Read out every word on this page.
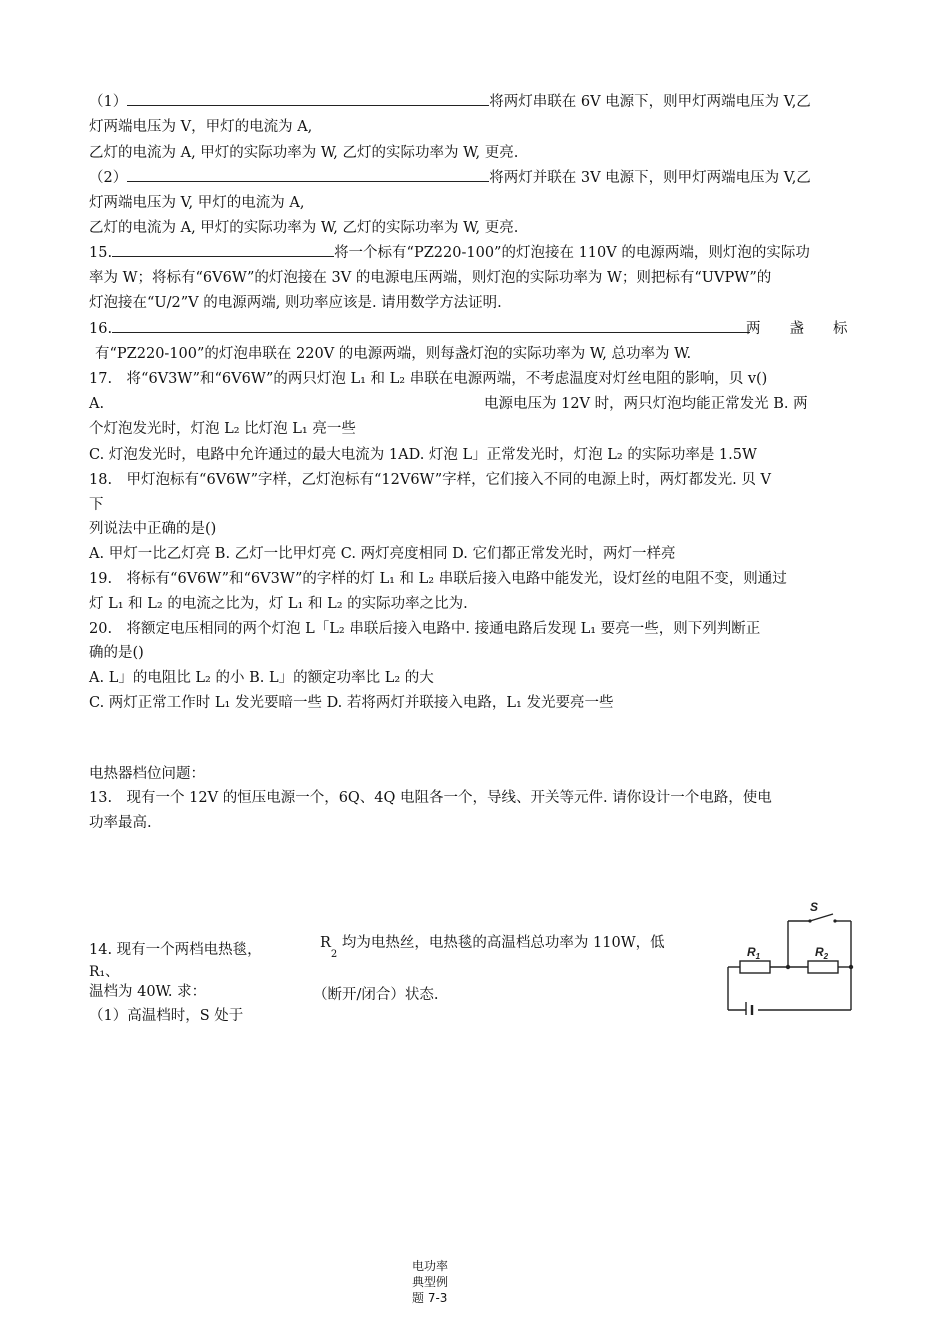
（1）	将两灯串联在 6V 电源下，则甲灯两端电压为 V,乙
灯两端电压为 V，甲灯的电流为 A,
乙灯的电流为 A, 甲灯的实际功率为 W, 乙灯的实际功率为 W, 更亮.
（2）	将两灯并联在 3V 电源下，则甲灯两端电压为 V,乙
灯两端电压为 V, 甲灯的电流为 A,
乙灯的电流为 A, 甲灯的实际功率为 W, 乙灯的实际功率为 W, 更亮.
15.	将一个标有“PZ220-100”的灯泡接在 110V 的电源两端，则灯泡的实际功
率为 W；将标有“6V6W”的灯泡接在 3V 的电源电压两端，则灯泡的实际功率为 W；则把标有“UVPW”的
灯泡接在“U/2”V 的电源两端, 则功率应该是. 请用数学方法证明.
16.	两　　盏　　标
有“PZ220-100”的灯泡串联在 220V 的电源两端，则每盏灯泡的实际功率为 W, 总功率为 W.
17.　将“6V3W”和“6V6W”的两只灯泡 L₁ 和 L₂ 串联在电源两端，不考虑温度对灯丝电阻的影响，贝 v()
A.	电源电压为 12V 时，两只灯泡均能正常发光 B. 两
个灯泡发光时，灯泡 L₂ 比灯泡 L₁ 亮一些
C. 灯泡发光时，电路中允许通过的最大电流为 1AD. 灯泡 L」正常发光时，灯泡 L₂ 的实际功率是 1.5W
18.　甲灯泡标有“6V6W”字样，乙灯泡标有“12V6W”字样，它们接入不同的电源上时，两灯都发光. 贝 V
下
列说法中正确的是()
A. 甲灯一比乙灯亮 B. 乙灯一比甲灯亮 C. 两灯亮度相同 D. 它们都正常发光时，两灯一样亮
19.　将标有“6V6W”和“6V3W”的字样的灯 L₁ 和 L₂ 串联后接入电路中能发光，设灯丝的电阻不变，则通过
灯 L₁ 和 L₂ 的电流之比为，灯 L₁ 和 L₂ 的实际功率之比为.
20.　将额定电压相同的两个灯泡 L「L₂ 串联后接入电路中. 接通电路后发现 L₁ 要亮一些，则下列判断正
确的是()
A. L」的电阻比 L₂ 的小 B. L」的额定功率比 L₂ 的大
C. 两灯正常工作时 L₁ 发光要暗一些 D. 若将两灯并联接入电路，L₁ 发光要亮一些
电热器档位问题：
13.　现有一个 12V 的恒压电源一个，6Q、4Q 电阻各一个，导线、开关等元件. 请你设计一个电路，使电
功率最高.
14. 现有一个两档电热毯，
R₁、
温档为 40W. 求：
（1）高温档时，S 处于
$R_2$ 均为电热丝，电热毯的高温档总功率为 110W，低
（断开/闭合）状态.
S
$R_1$	$R_2$
电功率
典型例
题 7-3
